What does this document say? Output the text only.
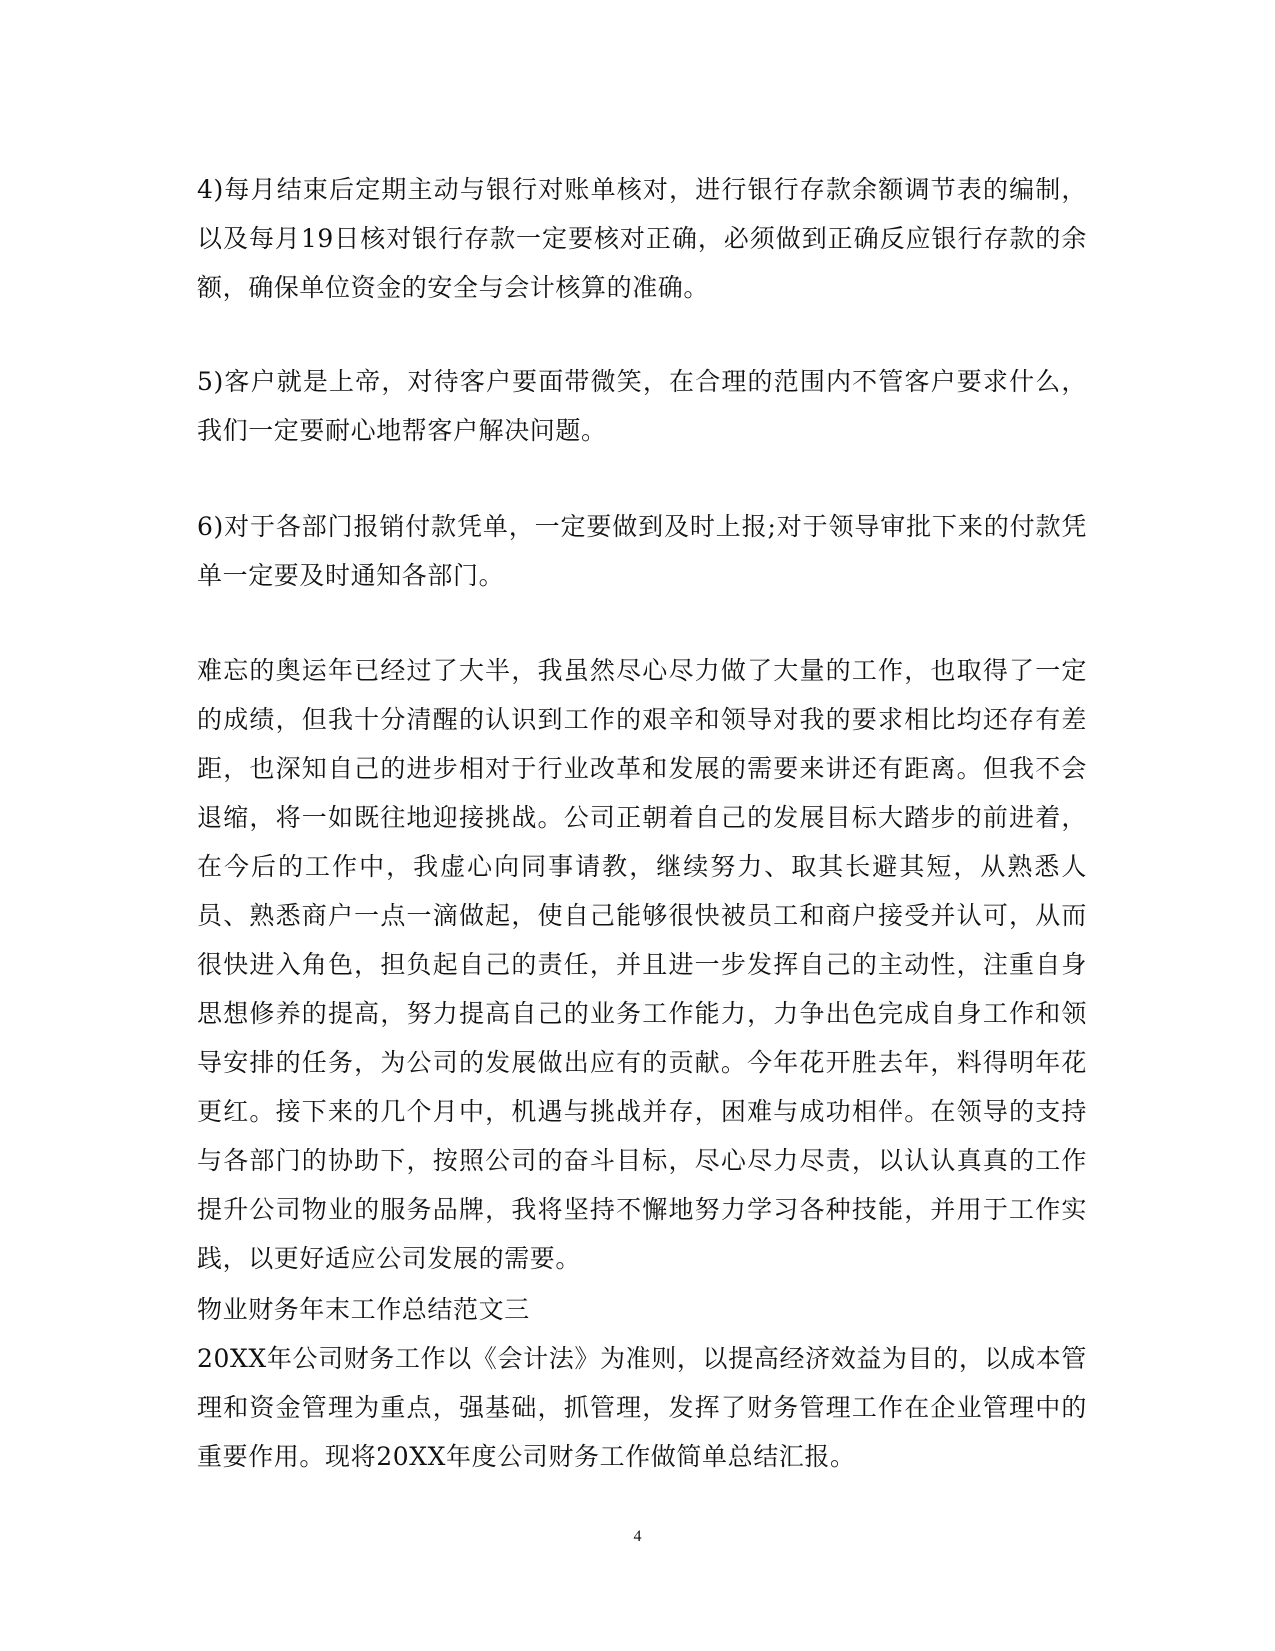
4)每月结束后定期主动与银行对账单核对，进行银行存款余额调节表的编制，以及每月19日核对银行存款一定要核对正确，必须做到正确反应银行存款的余额，确保单位资金的安全与会计核算的准确。

5)客户就是上帝，对待客户要面带微笑，在合理的范围内不管客户要求什么，我们一定要耐心地帮客户解决问题。

6)对于各部门报销付款凭单，一定要做到及时上报;对于领导审批下来的付款凭单一定要及时通知各部门。

难忘的奥运年已经过了大半，我虽然尽心尽力做了大量的工作，也取得了一定的成绩，但我十分清醒的认识到工作的艰辛和领导对我的要求相比均还存有差距，也深知自己的进步相对于行业改革和发展的需要来讲还有距离。但我不会退缩，将一如既往地迎接挑战。公司正朝着自己的发展目标大踏步的前进着，在今后的工作中，我虚心向同事请教，继续努力、取其长避其短，从熟悉人员、熟悉商户一点一滴做起，使自己能够很快被员工和商户接受并认可，从而很快进入角色，担负起自己的责任，并且进一步发挥自己的主动性，注重自身思想修养的提高，努力提高自己的业务工作能力，力争出色完成自身工作和领导安排的任务，为公司的发展做出应有的贡献。今年花开胜去年，料得明年花更红。接下来的几个月中，机遇与挑战并存，困难与成功相伴。在领导的支持与各部门的协助下，按照公司的奋斗目标，尽心尽力尽责，以认认真真的工作提升公司物业的服务品牌，我将坚持不懈地努力学习各种技能，并用于工作实践，以更好适应公司发展的需要。

物业财务年末工作总结范文三

20XX年公司财务工作以《会计法》为准则，以提高经济效益为目的，以成本管理和资金管理为重点，强基础，抓管理，发挥了财务管理工作在企业管理中的重要作用。现将20XX年度公司财务工作做简单总结汇报。

4
